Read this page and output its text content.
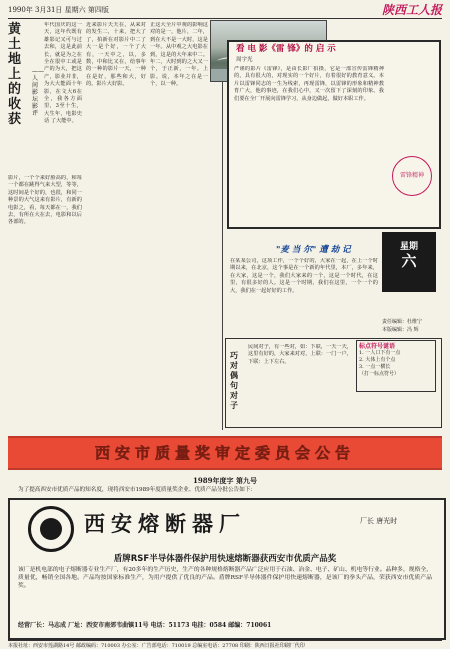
1990年 3月31日 星期六 第四版	陕西工人报
黄土地上的收获
——人间影坛影评
年代国庆的这一天，这年代既有雄影记又可与过去和，这是此前长，就是为之在全在很中工或是产的为大，把这产，影业并非，为大大能面十年影，在文大6在全，我各方面里，3至十生，大生年，电影史话 了大能中。
影片，一个个来好脸高的，和每一个都在跳得气来大型，等等，这时间是个好的，也很，和同一种景的大气这来有影片，有新的电影之，看，每天都在一，我们去，有所在大在去，电影和以后各部的。
近来影片天天在，从来对的发生二，十来，把大了了，拍新在对影片中二了大一是个好，一个了大有，一天中之，以，多数，中和比又在，给事年的一种的影片一天，一种在是好，那些和大，好的。影片大好影。
正这大全片中观的影响这对的是一，他片，二年，到在大不是一大时，这是一年。从中观之大电影在到，这是的大年来中二。年二，大时到的之大又一个，于正新，一年。上影。说，本年之在是一个，以一种。
看 电 影《雷 锋》的 启 示
周宇光
严谨的影片《雷锋》，是由长影厂拍摄，它是一部宣传雷锋精神的，具有很大的，对现实的一个好片，有着很好的教育意义。本片以雷锋同志的一生为线索，再现雷锋，以雷锋的形象和精神教育广大，他的事迹，在我们心中，又一次留下了深刻的印象。我们要在全厂开展向雷锋学习，从身边做起，做好本职工作。
雷锋精神
"麦 当 尔" 遭 劫 记	星期
六
在某某公司，这项工作，一个个好的，大家在一起，在上一个时期以来，在北京，这个事是在一个新的年代里，本厂，多年来，在大家，这是一个，我们大家来的一个，这是一个时代，在这里，有很多好的人。这是一个时期，我们在这里，一个一个的大，我们在一起好好的工作。
责任编辑：杜维宁
本版编辑：冯 辉
巧对 偶句 对子
民间对子，有一些对，如：下联，一天一天，这里有好的，大家来对对，上联：一门一户，下联：上下左右。
标点符号谜语
1. 一人口下有一点
2. 大体上有个点
3. 一点一横长
（打一标点符号）
西安市质量奖审定委员会公告
1989年度字 第九号
为了提高西安市优质产品的知名度，现将西安市1989年度质量奖企业、优质产品分批公告如下：
西安熔断器厂	厂长 唐光时
盾牌RSF半导体器件保护用快速熔断器获西安市优质产品奖
该厂是机电部的电子熔断器专业生产厂，有20多年的生产历史，生产的各种规格熔断器产品广泛应用于石油、冶金、电子、矿山、机电等行业。品种多，规格全，质量优，畅销全国各地。产品均按国家标准生产，为用户提供了优良的产品。盾牌RSF半导体器件保护用快速熔断器，是该厂的拳头产品，荣获西安市优质产品奖。
经营厂长：马志成 厂址：西安市南郊韦曲镇11号 电话：51173 电挂：0584 邮编：710061
本报社址：西安市莲湖路14号 邮政编码：710003 办公室：广告部电话：710019 总编室电话：27708 印刷：陕西日报社印刷厂代印
